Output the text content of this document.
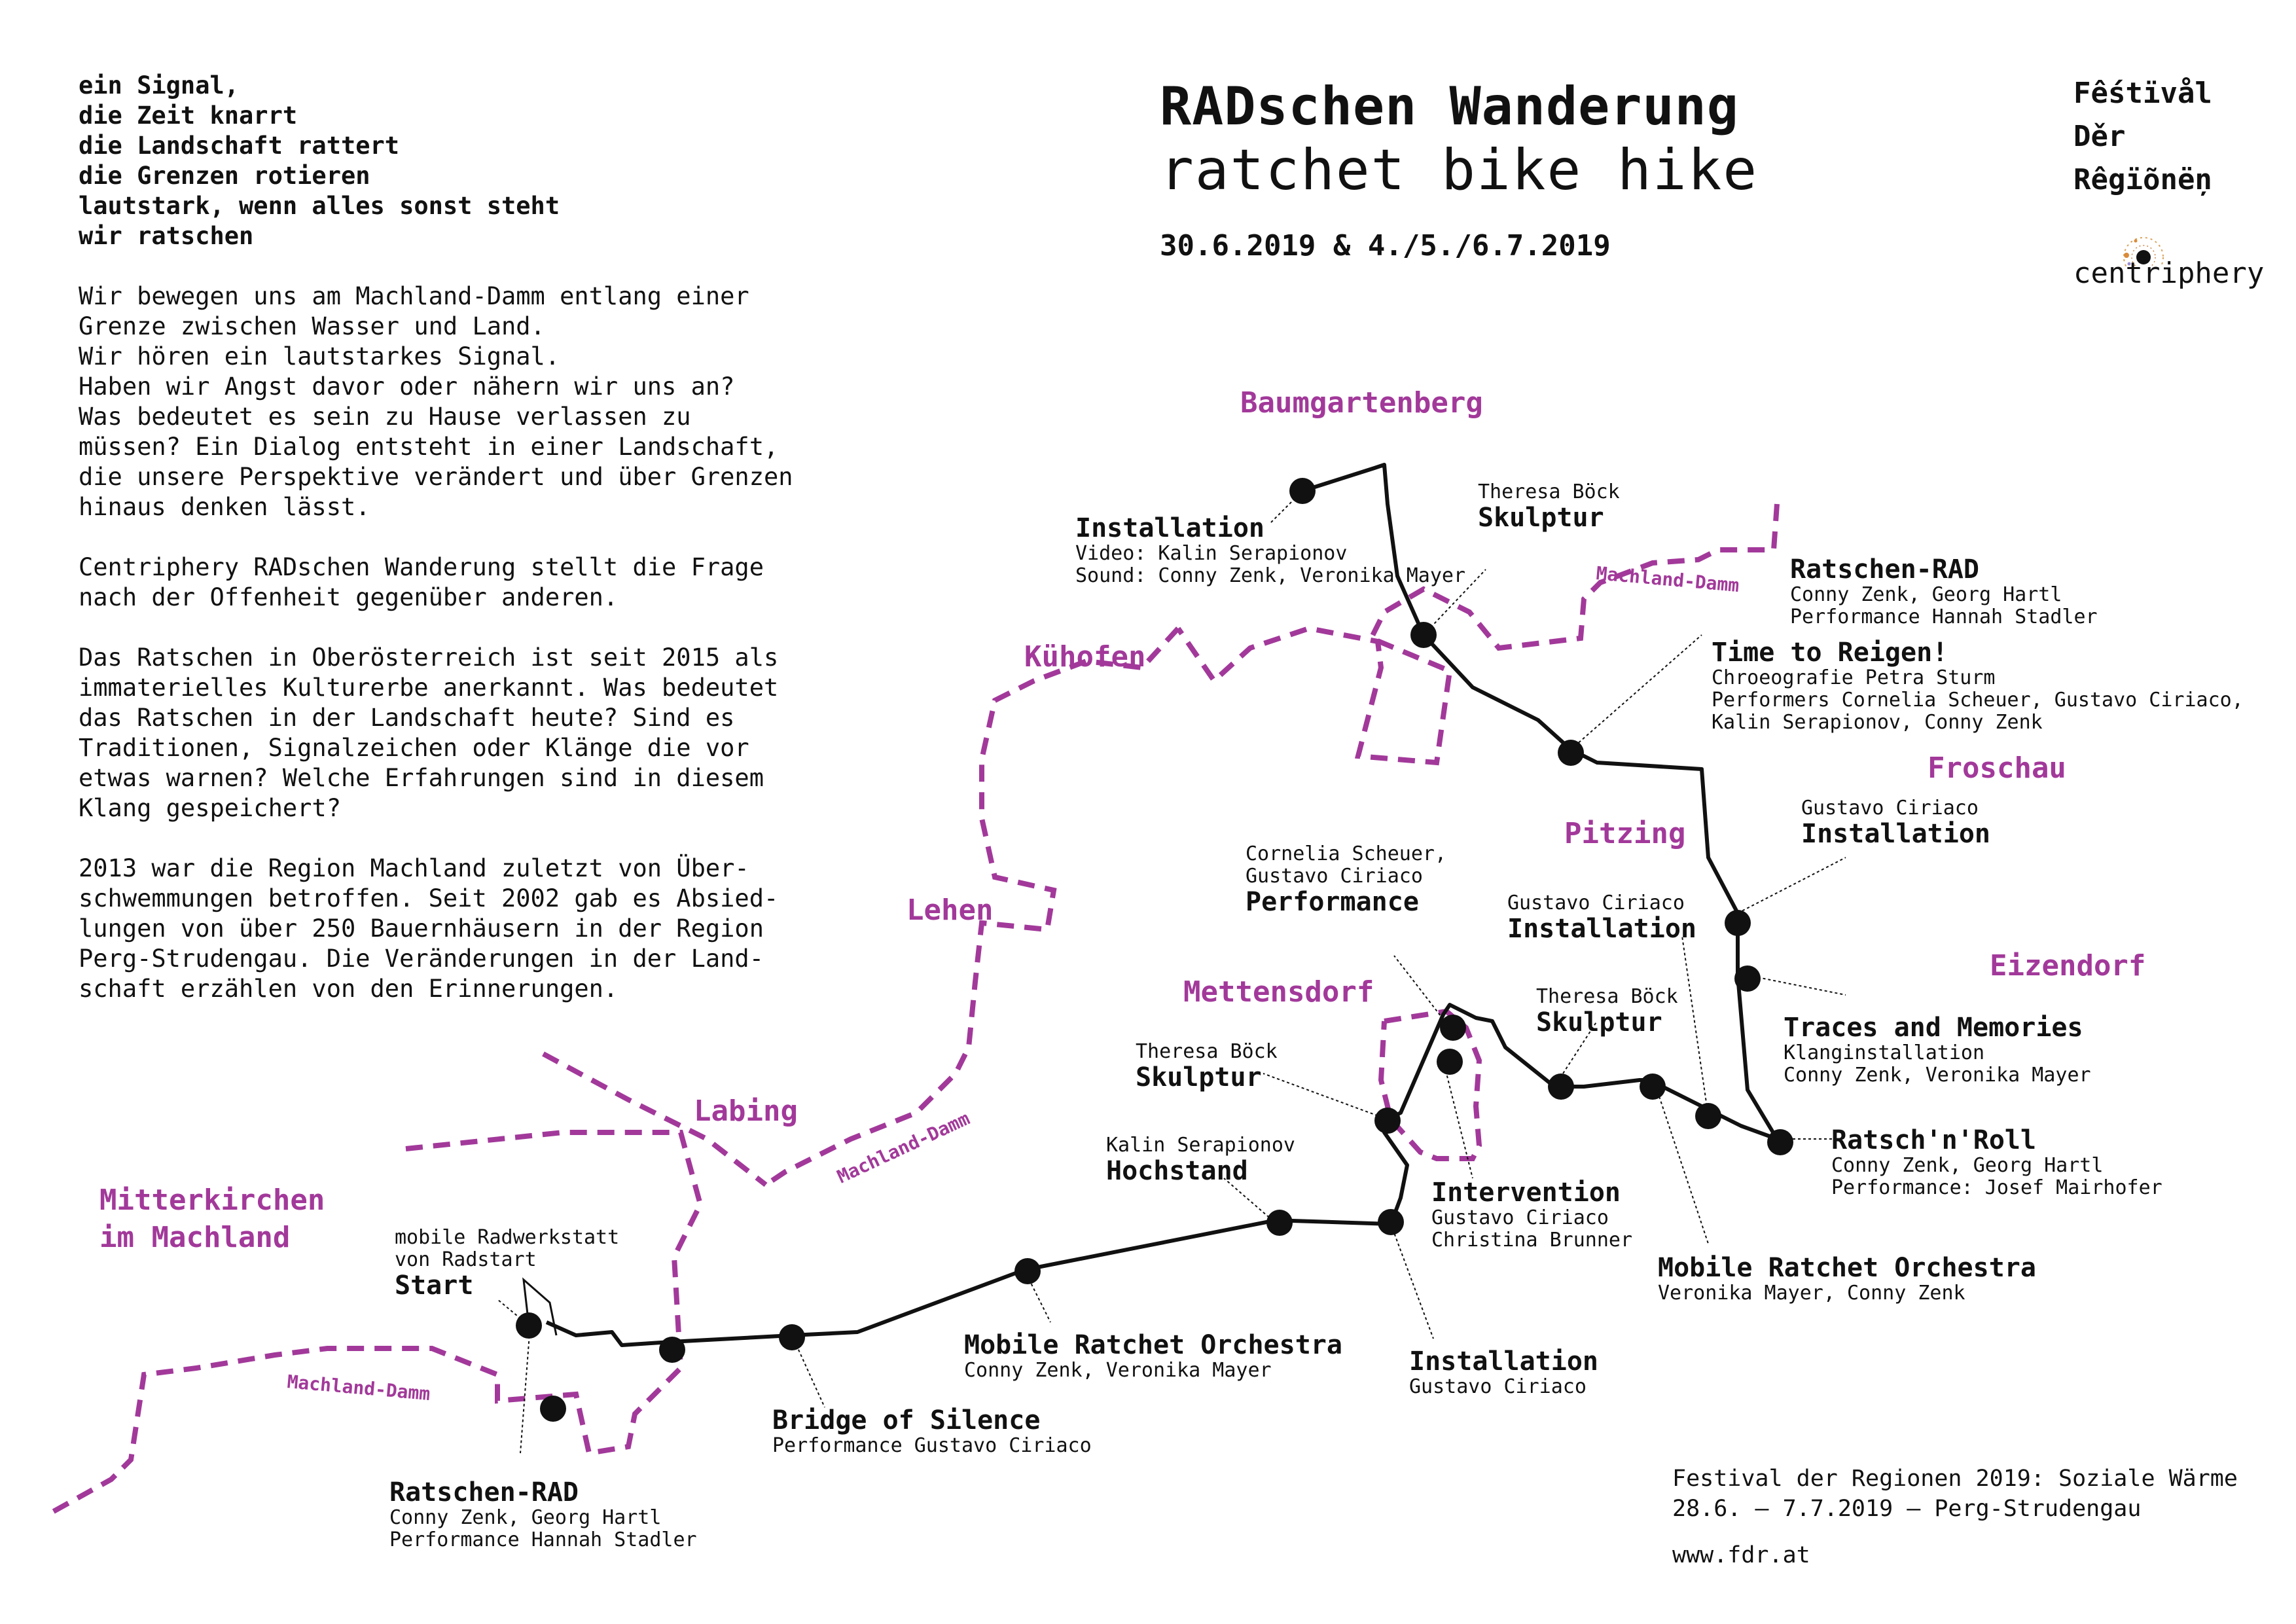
ein Signal,
die Zeit knarrt
die Landschaft rattert
die Grenzen rotieren
lautstark, wenn alles sonst steht
wir ratschen
Wir bewegen uns am Machland-Damm entlang einer
Grenze zwischen Wasser und Land.
Wir hören ein lautstarkes Signal.
Haben wir Angst davor oder nähern wir uns an?
Was bedeutet es sein zu Hause verlassen zu
müssen? Ein Dialog entsteht in einer Landschaft,
die unsere Perspektive verändert und über Grenzen
hinaus denken lässt.
Centriphery RADschen Wanderung stellt die Frage
nach der Offenheit gegenüber anderen.
Das Ratschen in Oberösterreich ist seit 2015 als
immaterielles Kulturerbe anerkannt. Was bedeutet
das Ratschen in der Landschaft heute? Sind es
Traditionen, Signalzeichen oder Klänge die vor
etwas warnen? Welche Erfahrungen sind in diesem
Klang gespeichert?
2013 war die Region Machland zuletzt von Über-
schwemmungen betroffen. Seit 2002 gab es Absied-
lungen von über 250 Bauernhäusern in der Region
Perg-Strudengau. Die Veränderungen in der Land-
schaft erzählen von den Erinnerungen.
RADschen Wanderung
ratchet bike hike
30.6.2019 & 4./5./6.7.2019
Fếśtïvål
Děr
Rêgïõnëņ
centriphery
Baumgartenberg
Kühofen
Froschau
Pitzing
Eizendorf
Lehen
Mettensdorf
Labing
Mitterkirchen
im Machland
Machland-Damm
Machland-Damm
Machland-Damm
Installation
Video: Kalin Serapionov
Sound: Conny Zenk, Veronika Mayer
Theresa Böck
Skulptur
Ratschen-RAD
Conny Zenk, Georg Hartl
Performance Hannah Stadler
Time to Reigen!
Chroeografie Petra Sturm
Performers Cornelia Scheuer, Gustavo Ciriaco,
Kalin Serapionov, Conny Zenk
Gustavo Ciriaco
Installation
Traces and Memories
Klanginstallation
Conny Zenk, Veronika Mayer
Ratsch'n'Roll
Conny Zenk, Georg Hartl
Performance: Josef Mairhofer
Cornelia Scheuer,
Gustavo Ciriaco
Performance	Gustavo Ciriaco
Installation
Theresa Böck
Skulptur
Theresa Böck
Skulptur
Kalin Serapionov
Hochstand
Intervention
Gustavo Ciriaco
Christina Brunner
Mobile Ratchet Orchestra
Veronika Mayer, Conny Zenk
Mobile Ratchet Orchestra
Conny Zenk, Veronika Mayer	Installation
Gustavo Ciriaco
mobile Radwerkstatt
von Radstart
Start
Bridge of Silence
Performance Gustavo Ciriaco
Ratschen-RAD
Conny Zenk, Georg Hartl
Performance Hannah Stadler
Festival der Regionen 2019: Soziale Wärme
28.6. – 7.7.2019 – Perg-Strudengau
www.fdr.at
